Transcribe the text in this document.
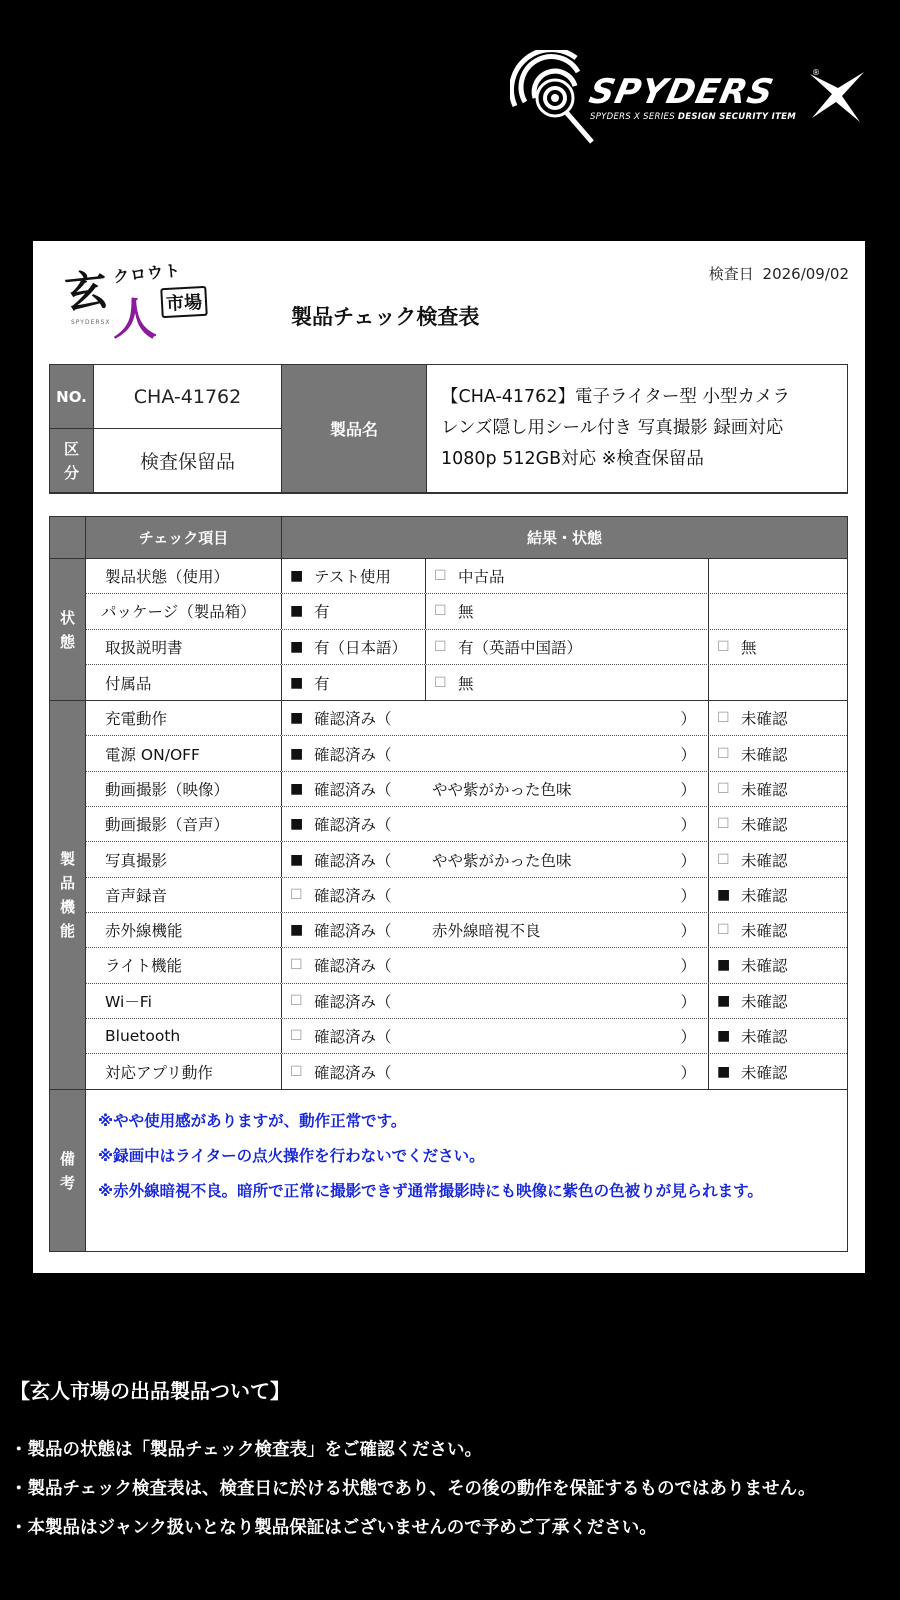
SPYDERS	®
SPYDERS X SERIES DESIGN SECURITY ITEM
玄 クロウト
人 市場
SPYDERSX	製品チェック検査表
検査日 2026/09/02
NO.	CHA-41762
製品名
【CHA-41762】電子ライター型 小型カメラ
レンズ隠し用シール付き 写真撮影 録画対応
1080p 512GB対応 ※検査保留品
区
分	検査保留品
チェック項目	結果・状態
状
態
製品状態（使用）	■ テスト使用	☐ 中古品
パッケージ（製品箱） ■ 有	☐ 無
取扱説明書	■ 有（日本語） ☐ 有（英語中国語）	☐ 無
付属品	■ 有	☐ 無
製
品
機
能
充電動作	■ 確認済み（	） ☐ 未確認
電源 ON/OFF	■ 確認済み（	） ☐ 未確認
動画撮影（映像）	■ 確認済み（	やや紫がかった色味	） ☐ 未確認
動画撮影（音声）	■ 確認済み（	） ☐ 未確認
写真撮影	■ 確認済み（	やや紫がかった色味	） ☐ 未確認
音声録音	☐ 確認済み（	） ■ 未確認
赤外線機能	■ 確認済み（	赤外線暗視不良	） ☐ 未確認
ライト機能	☐ 確認済み（	） ■ 未確認
Wi－Fi	☐ 確認済み（	） ■ 未確認
Bluetooth	☐ 確認済み（	） ■ 未確認
対応アプリ動作	☐ 確認済み（	） ■ 未確認
備
考

※やや使用感がありますが、動作正常です。

※録画中はライターの点火操作を行わないでください。

※赤外線暗視不良。暗所で正常に撮影できず通常撮影時にも映像に紫色の色被りが見られます。

【玄人市場の出品製品ついて】
・製品の状態は「製品チェック検査表」をご確認ください。
・製品チェック検査表は、検査日に於ける状態であり、その後の動作を保証するものではありません。
・本製品はジャンク扱いとなり製品保証はございませんので予めご了承ください。
